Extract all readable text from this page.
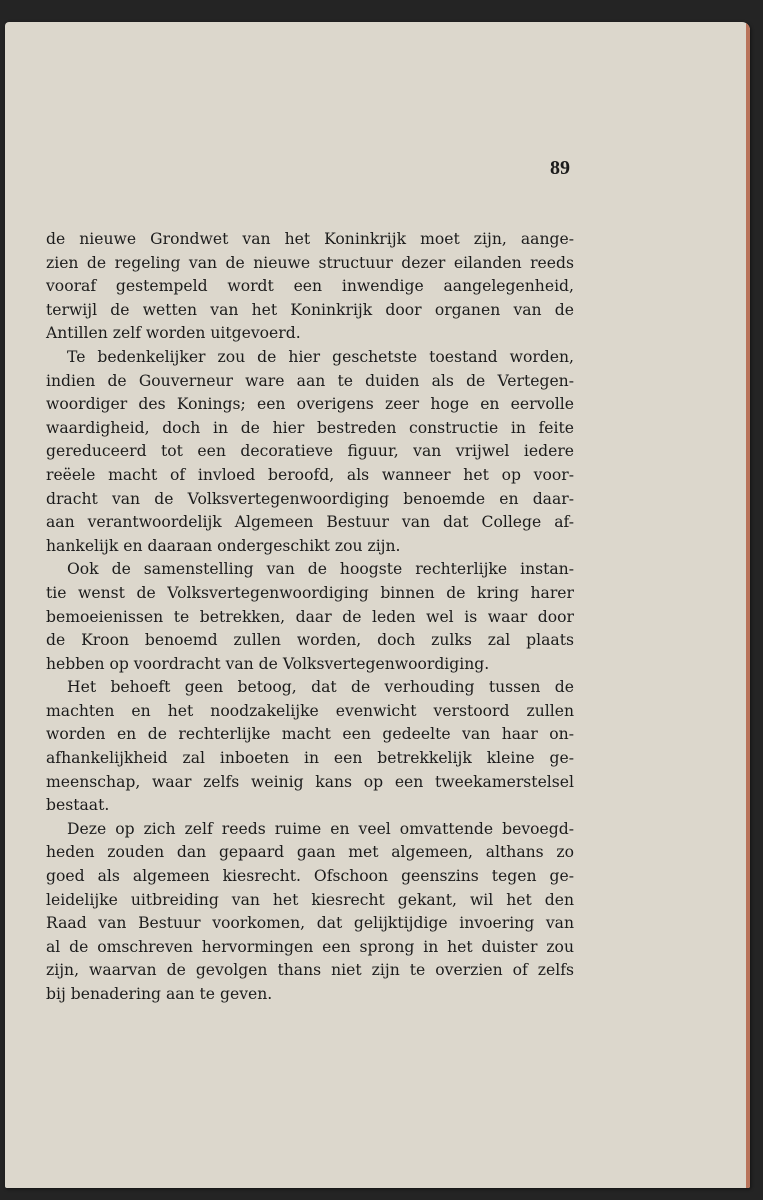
89
de nieuwe Grondwet van het Koninkrijk moet zijn, aange-
zien de regeling van de nieuwe structuur dezer eilanden reeds
vooraf gestempeld wordt een inwendige aangelegenheid,
terwijl de wetten van het Koninkrijk door organen van de
Antillen zelf worden uitgevoerd.
Te bedenkelijker zou de hier geschetste toestand worden,
indien de Gouverneur ware aan te duiden als de Vertegen-
woordiger des Konings; een overigens zeer hoge en eervolle
waardigheid, doch in de hier bestreden constructie in feite
gereduceerd tot een decoratieve figuur, van vrijwel iedere
reëele macht of invloed beroofd, als wanneer het op voor-
dracht van de Volksvertegenwoordiging benoemde en daar-
aan verantwoordelijk Algemeen Bestuur van dat College af-
hankelijk en daaraan ondergeschikt zou zijn.
Ook de samenstelling van de hoogste rechterlijke instan-
tie wenst de Volksvertegenwoordiging binnen de kring harer
bemoeienissen te betrekken, daar de leden wel is waar door
de Kroon benoemd zullen worden, doch zulks zal plaats
hebben op voordracht van de Volksvertegenwoordiging.
Het behoeft geen betoog, dat de verhouding tussen de
machten en het noodzakelijke evenwicht verstoord zullen
worden en de rechterlijke macht een gedeelte van haar on-
afhankelijkheid zal inboeten in een betrekkelijk kleine ge-
meenschap, waar zelfs weinig kans op een tweekamerstelsel
bestaat.
Deze op zich zelf reeds ruime en veel omvattende bevoegd-
heden zouden dan gepaard gaan met algemeen, althans zo
goed als algemeen kiesrecht. Ofschoon geenszins tegen ge-
leidelijke uitbreiding van het kiesrecht gekant, wil het den
Raad van Bestuur voorkomen, dat gelijktijdige invoering van
al de omschreven hervormingen een sprong in het duister zou
zijn, waarvan de gevolgen thans niet zijn te overzien of zelfs
bij benadering aan te geven.
